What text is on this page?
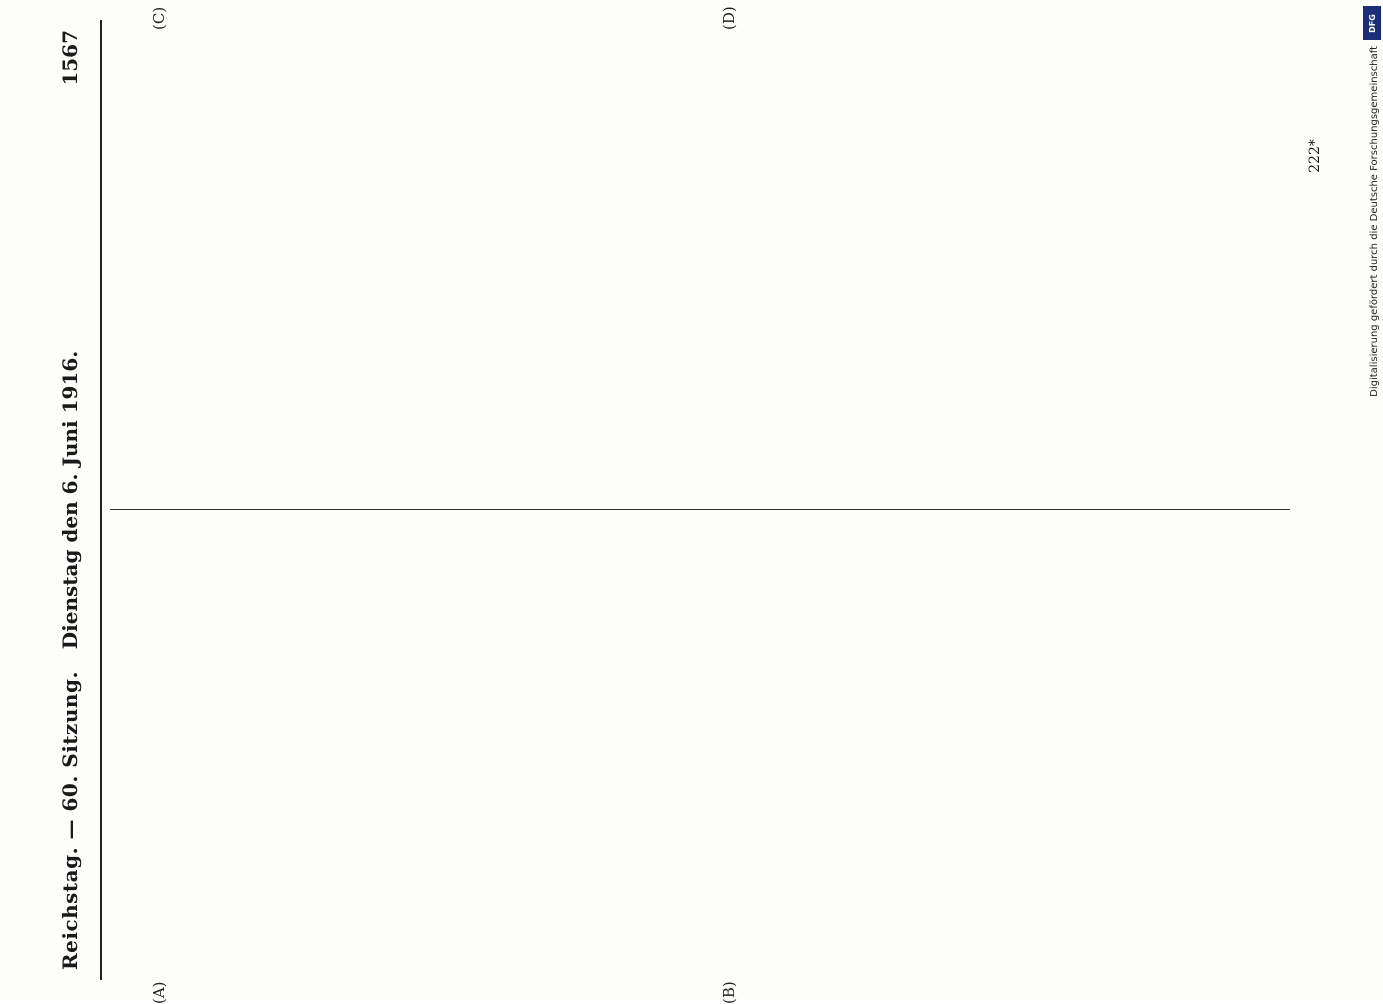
DFG
Digitalisierung gefördert durch die Deutsche Forschungsgemeinschaft
Reichstag. — 60. Sitzung.
Dienstag den 6. Juni 1916.
1567
(A)	(B)
(C)	(D)
222*
